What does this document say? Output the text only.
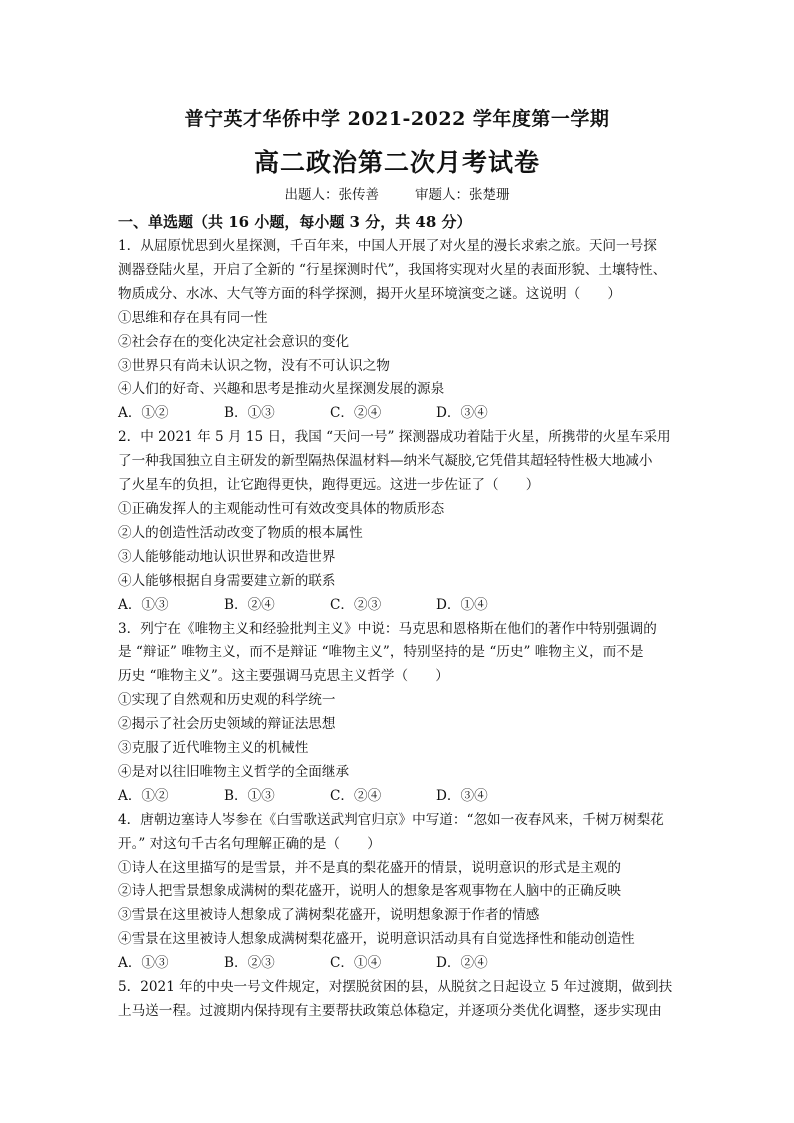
普宁英才华侨中学 2021-2022 学年度第一学期
高二政治第二次月考试卷
出题人：张传善	审题人：张楚珊
一、单选题（共 16 小题，每小题 3 分，共 48 分）

1．从屈原忧思到火星探测，千百年来，中国人开展了对火星的漫长求索之旅。天问一号探

测器登陆火星，开启了全新的 “行星探测时代”，我国将实现对火星的表面形貌、土壤特性、

物质成分、水冰、大气等方面的科学探测，揭开火星环境演变之谜。这说明（　　）

①思维和存在具有同一性

②社会存在的变化决定社会意识的变化

③世界只有尚未认识之物，没有不可认识之物

④人们的好奇、兴趣和思考是推动火星探测发展的源泉

A．①②	B．①③	C．②④	D．③④

2．中 2021 年 5 月 15 日，我国 “天问一号” 探测器成功着陆于火星，所携带的火星车采用

了一种我国独立自主研发的新型隔热保温材料—纳米气凝胶,它凭借其超轻特性极大地减小

了火星车的负担，让它跑得更快，跑得更远。这进一步佐证了（　　）

①正确发挥人的主观能动性可有效改变具体的物质形态

②人的创造性活动改变了物质的根本属性

③人能够能动地认识世界和改造世界

④人能够根据自身需要建立新的联系

A．①③	B．②④	C．②③	D．①④

3．列宁在《唯物主义和经验批判主义》中说：马克思和恩格斯在他们的著作中特别强调的

是 “辩证” 唯物主义，而不是辩证 “唯物主义”，特别坚持的是 “历史” 唯物主义，而不是

历史 “唯物主义”。这主要强调马克思主义哲学（　　）

①实现了自然观和历史观的科学统一

②揭示了社会历史领域的辩证法思想

③克服了近代唯物主义的机械性

④是对以往旧唯物主义哲学的全面继承

A．①②	B．①③	C．②④	D．③④

4．唐朝边塞诗人岑参在《白雪歌送武判官归京》中写道：“忽如一夜春风来，千树万树梨花

开。” 对这句千古名句理解正确的是（　　）

①诗人在这里描写的是雪景，并不是真的梨花盛开的情景，说明意识的形式是主观的

②诗人把雪景想象成满树的梨花盛开，说明人的想象是客观事物在人脑中的正确反映

③雪景在这里被诗人想象成了满树梨花盛开，说明想象源于作者的情感

④雪景在这里被诗人想象成满树梨花盛开，说明意识活动具有自觉选择性和能动创造性

A．①③	B．②③	C．①④	D．②④

5．2021 年的中央一号文件规定，对摆脱贫困的县，从脱贫之日起设立 5 年过渡期，做到扶

上马送一程。过渡期内保持现有主要帮扶政策总体稳定，并逐项分类优化调整，逐步实现由
